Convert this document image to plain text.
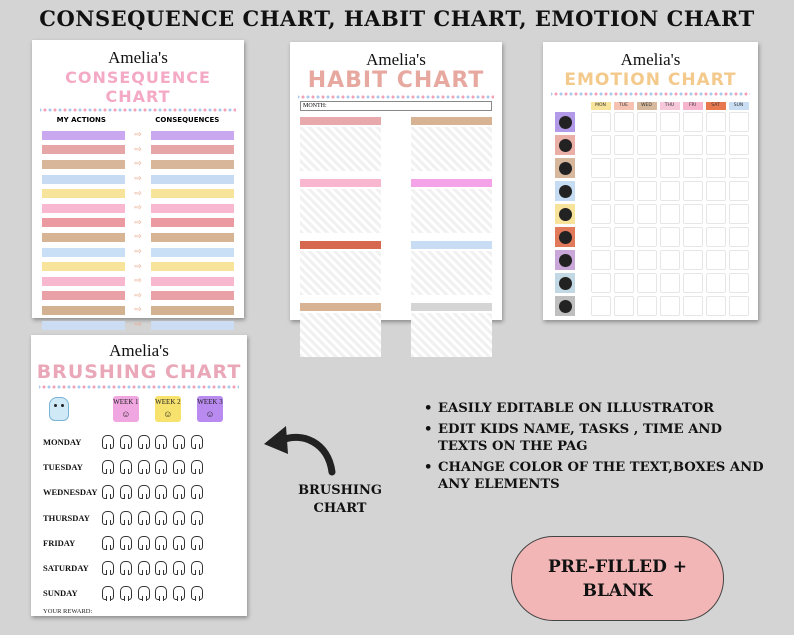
CONSEQUENCE CHART, HABIT CHART, EMOTION CHART
Amelia's
CONSEQUENCE CHART
MY ACTIONS	CONSEQUENCES
⇨
⇨
⇨
⇨
⇨
⇨
⇨
⇨
⇨
⇨
⇨
⇨
⇨
⇨
Amelia's
HABIT CHART
MONTH:
Amelia's
EMOTION CHART
MON	TUE	WED	THU	FRI	SAT	SUN
Amelia's
BRUSHING CHART
WEEK 1
☺
WEEK 2
☺
WEEK 3
☺
MONDAY
TUESDAY
WEDNESDAY
THURSDAY
FRIDAY
SATURDAY
SUNDAY
YOUR REWARD:
BRUSHING CHART
• EASILY EDITABLE ON ILLUSTRATOR
• EDIT KIDS NAME, TASKS , TIME AND TEXTS ON THE PAG
• CHANGE COLOR OF THE TEXT,BOXES AND ANY ELEMENTS
PRE-FILLED + BLANK
